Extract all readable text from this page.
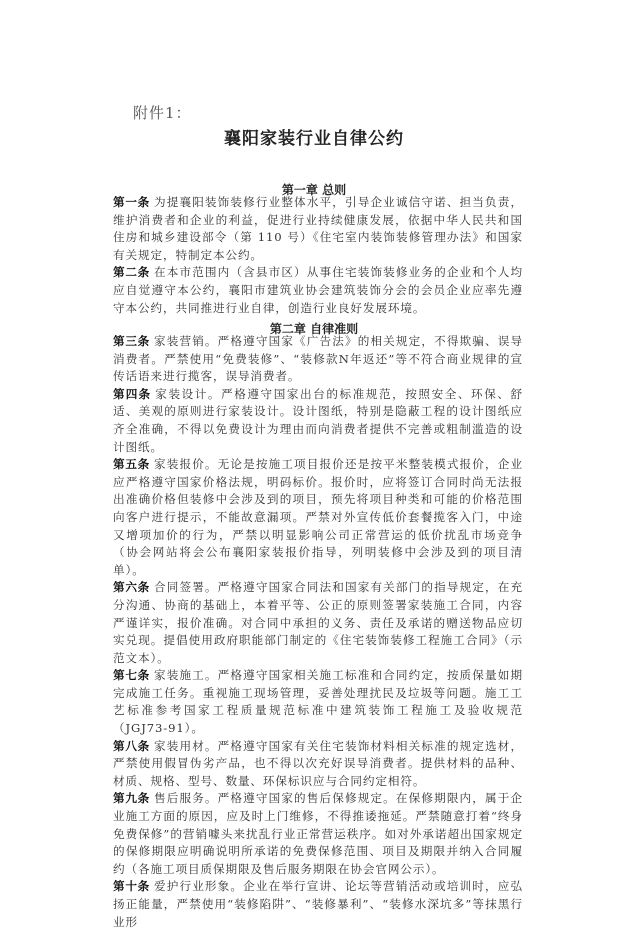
附件1：
襄阳家装行业自律公约
第一章 总则

第一条 为提襄阳装饰装修行业整体水平，引导企业诚信守诺、担当负责，维护消费者和企业的利益，促进行业持续健康发展，依据中华人民共和国住房和城乡建设部令（第 110 号）《住宅室内装饰装修管理办法》和国家有关规定，特制定本公约。

第二条 在本市范围内（含县市区）从事住宅装饰装修业务的企业和个人均应自觉遵守本公约，襄阳市建筑业协会建筑装饰分会的会员企业应率先遵守本公约，共同推进行业自律，创造行业良好发展环境。

第二章 自律准则

第三条 家装营销。严格遵守国家《广告法》的相关规定，不得欺骗、误导消费者。严禁使用“免费装修”、“装修款N年返还”等不符合商业规律的宣传话语来进行揽客，误导消费者。

第四条 家装设计。严格遵守国家出台的标准规范，按照安全、环保、舒适、美观的原则进行家装设计。设计图纸，特别是隐蔽工程的设计图纸应齐全准确，不得以免费设计为理由而向消费者提供不完善或粗制滥造的设计图纸。

第五条 家装报价。无论是按施工项目报价还是按平米整装模式报价，企业应严格遵守国家价格法规，明码标价。报价时，应将签订合同时尚无法报出准确价格但装修中会涉及到的项目，预先将项目种类和可能的价格范围向客户进行提示，不能故意漏项。严禁对外宣传低价套餐揽客入门，中途又增项加价的行为，严禁以明显影响公司正常营运的低价扰乱市场竞争（协会网站将会公布襄阳家装报价指导，列明装修中会涉及到的项目清单）。

第六条 合同签署。严格遵守国家合同法和国家有关部门的指导规定，在充分沟通、协商的基础上，本着平等、公正的原则签署家装施工合同，内容严谨详实，报价准确。对合同中承担的义务、责任及承诺的赠送物品应切实兑现。提倡使用政府职能部门制定的《住宅装饰装修工程施工合同》（示范文本）。

第七条 家装施工。严格遵守国家相关施工标准和合同约定，按质保量如期完成施工任务。重视施工现场管理，妥善处理扰民及垃圾等问题。施工工艺标准参考国家工程质量规范标准中建筑装饰工程施工及验收规范（JGJ73-91）。

第八条 家装用材。严格遵守国家有关住宅装饰材料相关标准的规定选材，严禁使用假冒伪劣产品，也不得以次充好误导消费者。提供材料的品种、材质、规格、型号、数量、环保标识应与合同约定相符。

第九条 售后服务。严格遵守国家的售后保修规定。在保修期限内，属于企业施工方面的原因，应及时上门维修，不得推诿拖延。严禁随意打着“终身免费保修”的营销噱头来扰乱行业正常营运秩序。如对外承诺超出国家规定的保修期限应明确说明所承诺的免费保修范围、项目及期限并纳入合同履约（各施工项目质保期限及售后服务期限在协会官网公示）。

第十条 爱护行业形象。企业在举行宣讲、论坛等营销活动或培训时，应弘扬正能量，严禁使用“装修陷阱”、“装修暴利”、“装修水深坑多”等抹黑行业形
